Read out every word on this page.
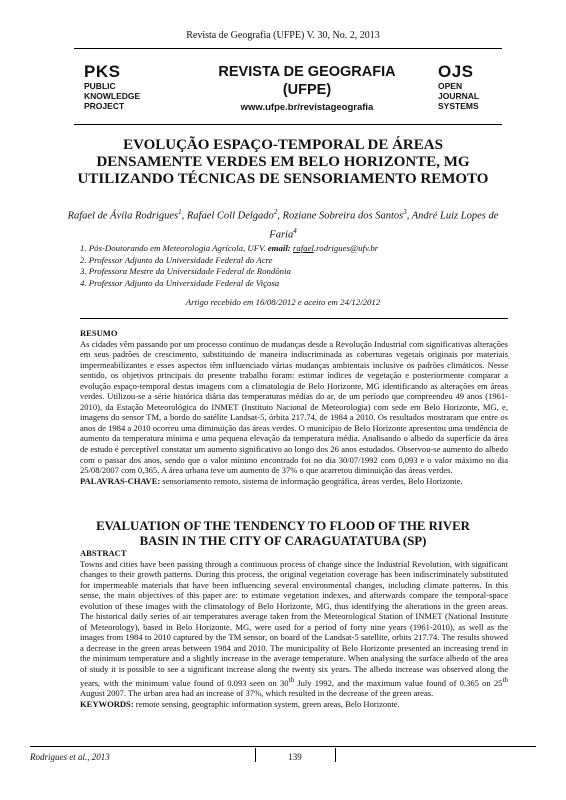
Revista de Geografia (UFPE) V. 30, No. 2, 2013
PKS
PUBLIC
KNOWLEDGE
PROJECT
REVISTA DE GEOGRAFIA
(UFPE)
www.ufpe.br/revistageografia
OJS
OPEN
JOURNAL
SYSTEMS
EVOLUÇÃO ESPAÇO-TEMPORAL DE ÁREAS
DENSAMENTE VERDES EM BELO HORIZONTE, MG
UTILIZANDO TÉCNICAS DE SENSORIAMENTO REMOTO
Rafael de Ávila Rodrigues$^1$, Rafael Coll Delgado$^2$, Roziane Sobreira dos Santos$^3$, André Luiz Lopes de Faria$^4$
1. Pós-Doutorando em Meteorologia Agrícola, UFV. email: rafael.rodrigues@ufv.br
2. Professor Adjunto da Universidade Federal do Acre
3. Professora Mestre da Universidade Federal de Rondônia
4. Professor Adjunto da Universidade Federal de Viçosa
Artigo recebido em 16/08/2012 e aceito em 24/12/2012
RESUMO
As cidades vêm passando por um processo contínuo de mudanças desde a Revolução Industrial com significativas alterações em seus padrões de crescimento, substituindo de maneira indiscriminada as coberturas vegetais originais por materiais impermeabilizantes e esses aspectos têm influenciado várias mudanças ambientais inclusive os padrões climáticos. Nesse sentido, os objetivos principais do presente trabalho foram: estimar índices de vegetação e posteriormente comparar a evolução espaço-temporal destas imagens com a climatologia de Belo Horizonte, MG identificando as alterações em áreas verdes. Utilizou-se a série histórica diária das temperaturas médias do ar, de um período que compreendeu 49 anos (1961-2010), da Estação Meteorológica do INMET (Instituto Nacional de Meteorologia) com sede em Belo Horizonte, MG, e, imagens do sensor TM, a bordo do satélite Landsat-5, órbita 217.74, de 1984 a 2010. Os resultados mostraram que entre os anos de 1984 a 2010 ocorreu uma diminuição das áreas verdes. O município de Belo Horizonte apresentou uma tendência de aumento da temperatura mínima e uma pequena elevação da temperatura média. Analisando o albedo da superfície da área de estudo é perceptível constatar um aumento significativo ao longo dos 26 anos estudados. Observou-se aumento do albedo com o passar dos anos, sendo que o valor mínimo encontrado foi no dia 30/07/1992 com 0,093 e o valor máximo no dia 25/08/2007 com 0,365. A área urbana teve um aumento de 37% o que acarretou diminuição das áreas verdes.
PALAVRAS-CHAVE: sensoriamento remoto, sistema de informação geográfica, áreas verdes, Belo Horizonte.
EVALUATION OF THE TENDENCY TO FLOOD OF THE RIVER
BASIN IN THE CITY OF CARAGUATATUBA (SP)
ABSTRACT
Towns and cities have been passing through a continuous process of change since the Industrial Revolution, with significant changes to their growth patterns. During this process, the original vegetation coverage has been indiscriminately substituted for impermeable materials that have been influencing several environmental changes, including climate patterns. In this sense, the main objectives of this paper are: to estimate vegetation indexes, and afterwards compare the temporal-space evolution of these images with the climatology of Belo Horizonte, MG, thus identifying the alterations in the green areas. The historical daily series of air temperatures average taken from the Meteorological Station of INMET (National Institute of Meteorology), based in Belo Horizonte, MG, were used for a period of forty nine years (1961-2010), as well as the images from 1984 to 2010 captured by the TM sensor, on board of the Landsat-5 satellite, orbits 217.74. The results showed a decrease in the green areas between 1984 and 2010. The municipality of Belo Horizonte presented an increasing trend in the minimum temperature and a slightly increase in the average temperature. When analysing the surface albedo of the area of study it is possible to see a significant increase along the twenty six years. The albedo increase was observed along the years, with the minimum value found of 0.093 seen on 30th July 1992, and the maximum value found of 0.365 on 25th August 2007. The urban area had an increase of 37%, which resulted in the decrease of the green areas.
KEYWORDS: remote sensing, geographic information system, green areas, Belo Horizonte.
Rodrigues et al., 2013	139
